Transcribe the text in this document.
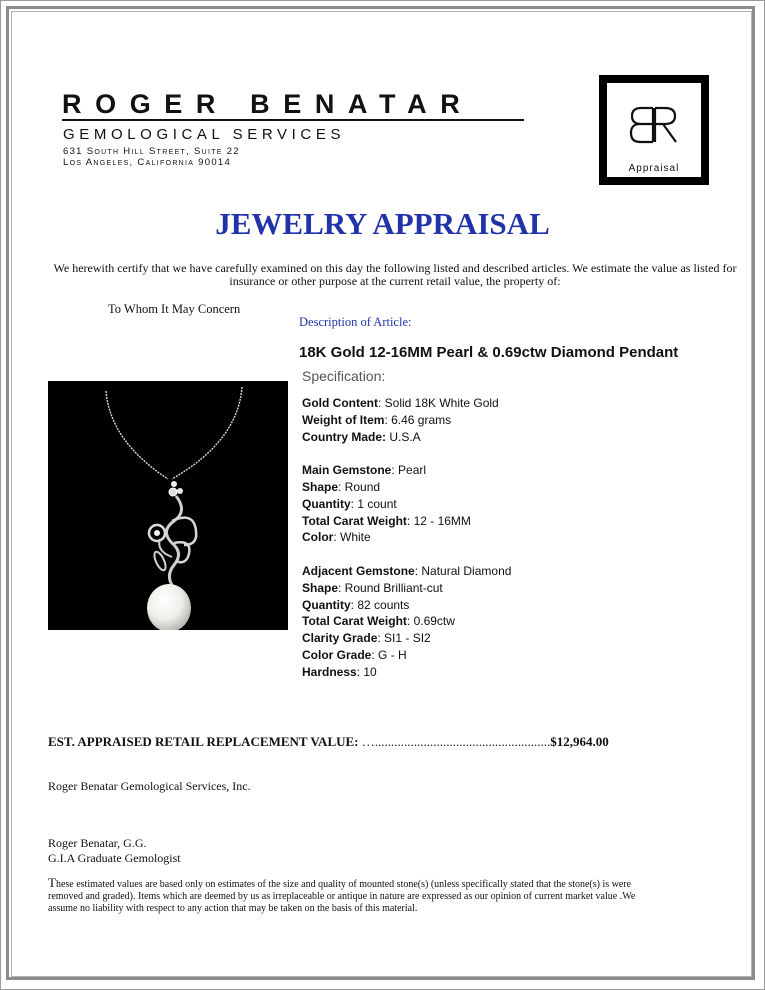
ROGER BENATAR
GEMOLOGICAL SERVICES
631 South Hill Street, Suite 22
Los Angeles, California 90014
Appraisal
JEWELRY APPRAISAL
We herewith certify that we have carefully examined on this day the following listed and described articles. We estimate the value as listed for insurance or other purpose at the current retail value, the property of:
To Whom It May Concern
Description of Article:
18K Gold 12-16MM Pearl & 0.69ctw Diamond Pendant
Specification:
Gold Content: Solid 18K White Gold
Weight of Item: 6.46 grams
Country Made: U.S.A
Main Gemstone: Pearl
Shape: Round
Quantity: 1 count
Total Carat Weight: 12 - 16MM
Color: White
Adjacent Gemstone: Natural Diamond
Shape: Round Brilliant-cut
Quantity: 82 counts
Total Carat Weight: 0.69ctw
Clarity Grade: SI1 - SI2
Color Grade: G - H
Hardness: 10
EST. APPRAISED RETAIL REPLACEMENT VALUE: …......................................................$12,964.00
Roger Benatar Gemological Services, Inc.
Roger Benatar, G.G.
G.I.A Graduate Gemologist
These estimated values are based only on estimates of the size and quality of mounted stone(s) (unless specifically stated that the stone(s) is were removed and graded). Items which are deemed by us as irreplaceable or antique in nature are expressed as our opinion of current market value .We assume no liability with respect to any action that may be taken on the basis of this material.
